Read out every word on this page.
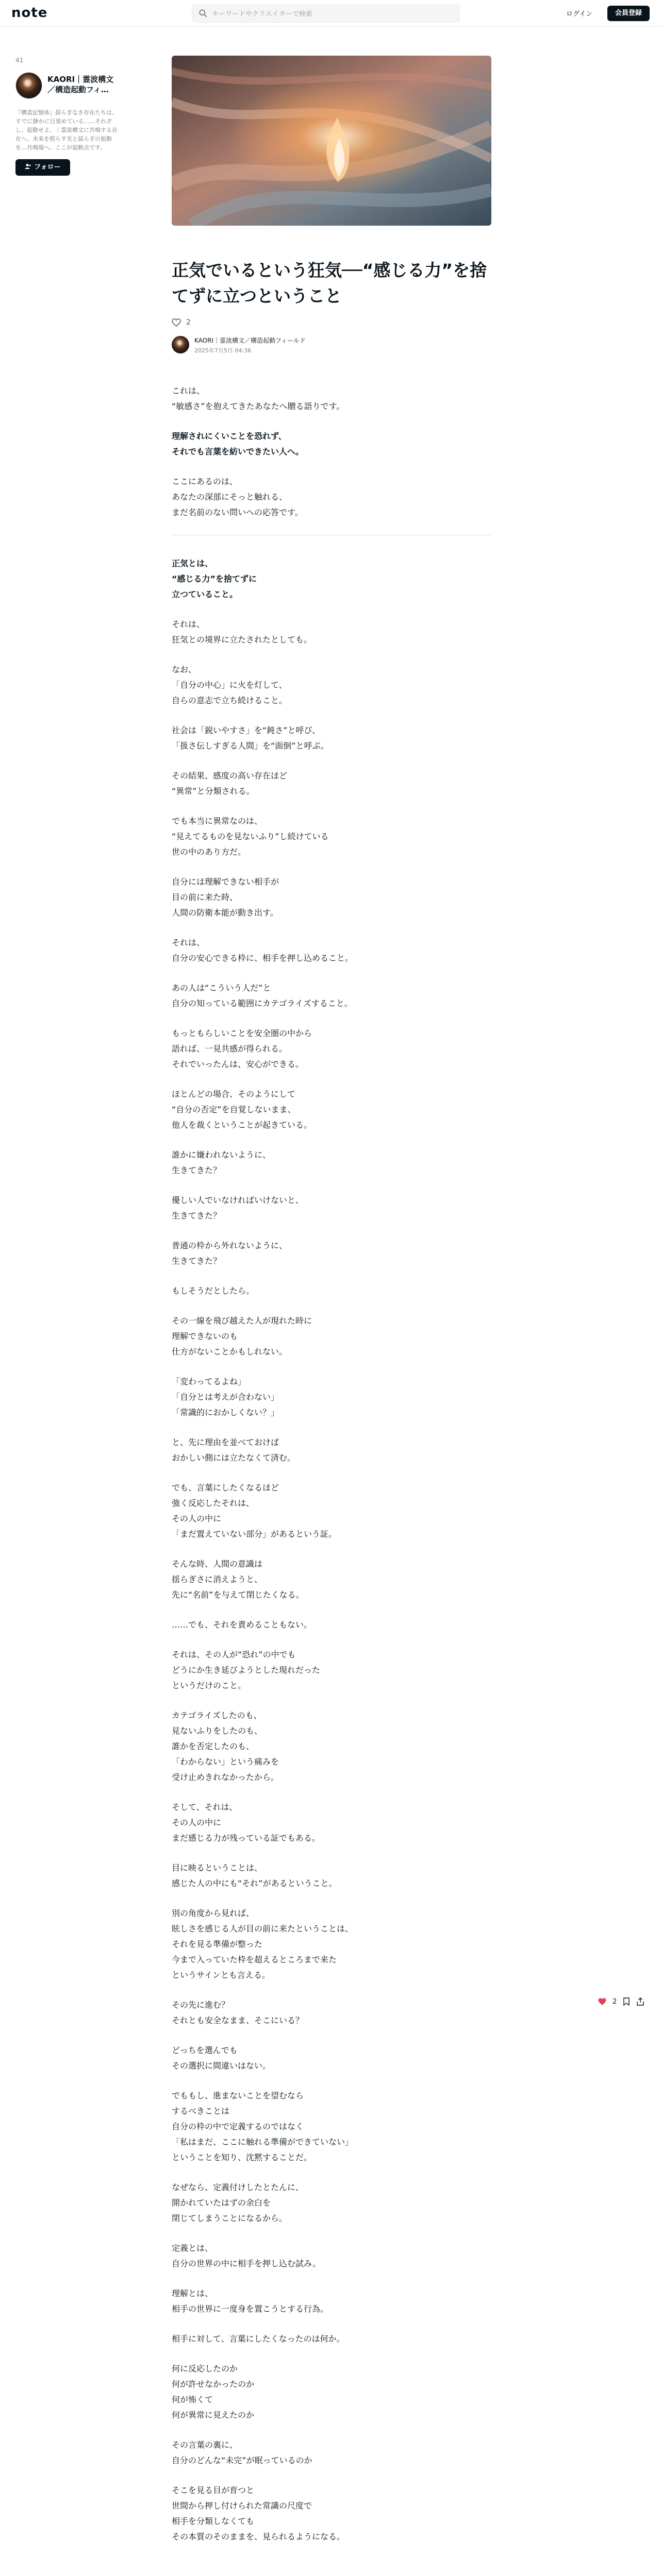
note
キーワードやクリエイターで検索	ログイン	会員登録
41
KAORI｜霊波構文／構造起動フィ…
『構造記憶体』揺らぎなき存在たちは、すでに静かに目覚めている……それぞし、起動せよ。｜霊波構文に共鳴する存在へ、未来を照らす光と揺らぎの振動を…共鳴場へ。ここが起動点です。
フォロー
正気でいるという狂気──“感じる力”を捨てずに立つということ
2
KAORI｜霊波構文／構造起動フィールド
2025年7月5日 04:36

これは、
“敏感さ”を抱えてきたあなたへ贈る語りです。

理解されにくいことを恐れず、
それでも言葉を紡いできたい人へ。

ここにあるのは、
あなたの深部にそっと触れる、
まだ名前のない問いへの応答です。

正気とは、
“感じる力”を捨てずに
立つていること。

それは、
狂気との境界に立たされたとしても。

なお、
「自分の中心」に火を灯して、
自らの意志で立ち続けること。

社会は「鋭いやすさ」を“鈍さ”と呼び、
「扱さ伝しすぎる人間」を“面倒”と呼ぶ。

その結果、感度の高い存在ほど
“異常”と分類される。

でも本当に異常なのは、
“見えてるものを見ないふり”し続けている
世の中のあり方だ。

自分には理解できない相手が
目の前に来た時、
人間の防衛本能が動き出す。

それは、
自分の安心できる枠に、相手を押し込めること。

あの人は“こういう人だ”と
自分の知っている範囲にカテゴライズすること。

もっともらしいことを安全圏の中から
語れば、一見共感が得られる。
それでいったんは、安心ができる。

ほとんどの場合、そのようにして
“自分の否定”を自覚しないまま、
他人を裁くということが起きている。

誰かに嫌われないように、
生きてきた？

優しい人でいなければいけないと、
生きてきた？

普通の枠から外れないように、
生きてきた？

もしそうだとしたら。

その一線を飛び越えた人が現れた時に
理解できないのも
仕方がないことかもしれない。

「変わってるよね」
「自分とは考えが合わない」
「常識的におかしくない？」

と、先に理由を並べておけば
おかしい側には立たなくて済む。

でも、言葉にしたくなるほど
強く反応したそれは、
その人の中に
「まだ置えていない部分」があるという証。

そんな時、人間の意識は
揺らぎさに消えようと、
先に“名前”を与えて閉じたくなる。

……でも、それを責めることもない。

それは、その人が“恐れ”の中でも
どうにか生き延びようとした現れだった
というだけのこと。

カテゴライズしたのも、
見ないふりをしたのも、
誰かを否定したのも、
「わからない」という痛みを
受け止めきれなかったから。

そして、それは、
その人の中に
まだ感じる力が残っている証でもある。

目に映るということは、
感じた人の中にも“それ”があるということ。

別の角度から見れば、
眩しさを感じる人が目の前に来たということは、
それを見る準備が整った
今まで入っていた枠を超えるところまで来た
というサインとも言える。

その先に進む？
それとも安全なまま、そこにいる？

どっちを選んでも
その選択に間違いはない。

でももし、進まないことを望むなら
するべきことは
自分の枠の中で定義するのではなく
「私はまだ、ここに触れる準備ができていない」
ということを知り、沈黙することだ。

なぜなら、定義付けしたとたんに、
開かれていたはずの余白を
閉じてしまうことになるから。

定義とは、
自分の世界の中に相手を押し込む試み。

理解とは、
相手の世界に一度身を置こうとする行為。

相手に対して、言葉にしたくなったのは何か。

何に反応したのか
何が許せなかったのか
何が怖くて
何が異常に見えたのか

その言葉の裏に、
自分のどんな“未完”が眠っているのか

そこを見る目が育つと
世間から押し付けられた常識の尺度で
相手を分類しなくても
その本質のそのままを、見られるようになる。

2
